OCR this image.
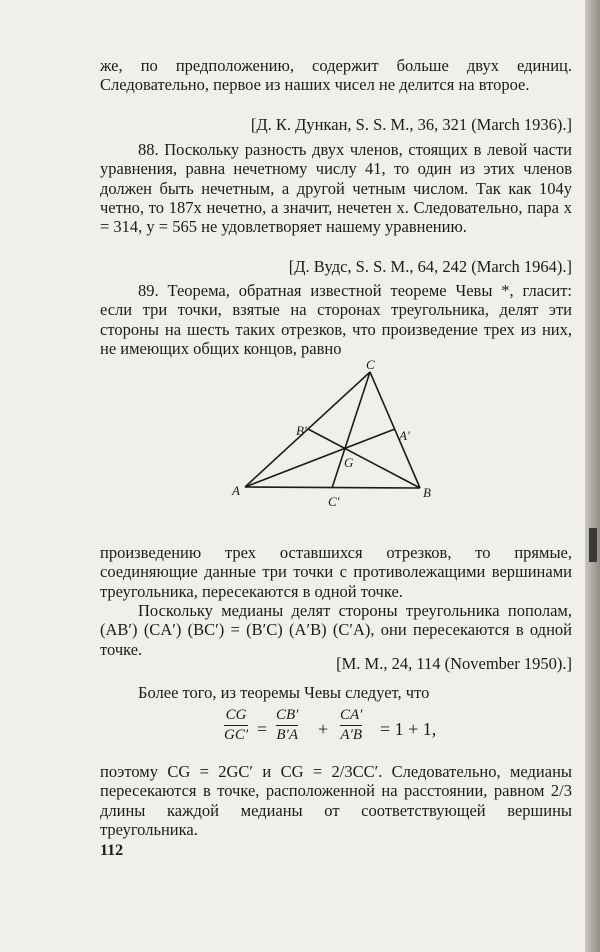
же, по предположению, содержит больше двух единиц. Следовательно, первое из наших чисел не делится на второе.
[Д. К. Дункан, S. S. M., 36, 321 (March 1936).]
88. Поскольку разность двух членов, стоящих в левой части уравнения, равна нечетному числу 41, то один из этих членов должен быть нечетным, а другой четным числом. Так как 104y четно, то 187x нечетно, а значит, нечетен x. Следовательно, пара x = 314, y = 565 не удовлетворяет нашему уравнению.
[Д. Вудс, S. S. M., 64, 242 (March 1964).]
89. Теорема, обратная известной теореме Чевы *, гласит: если три точки, взятые на сторонах треугольника, делят эти стороны на шесть таких отрезков, что произведение трех из них, не имеющих общих концов, равно
A	B
C
A′
B′
C′
G
произведению трех оставшихся отрезков, то прямые, соединяющие данные три точки с противолежащими вершинами треугольника, пересекаются в одной точке.
Поскольку медианы делят стороны треугольника пополам, (AB′) (CA′) (BC′) = (B′C) (A′B) (C′A), они пересекаются в одной точке.
[M. M., 24, 114 (November 1950).]
Более того, из теоремы Чевы следует, что
CG
GC′ =
CB′
B′A +
CA′
A′B = 1 + 1,
поэтому CG = 2GC′ и CG = 2/3CC′. Следовательно, медианы пересекаются в точке, расположенной на расстоянии, равном 2/3 длины каждой медианы от соответствующей вершины треугольника.
112
